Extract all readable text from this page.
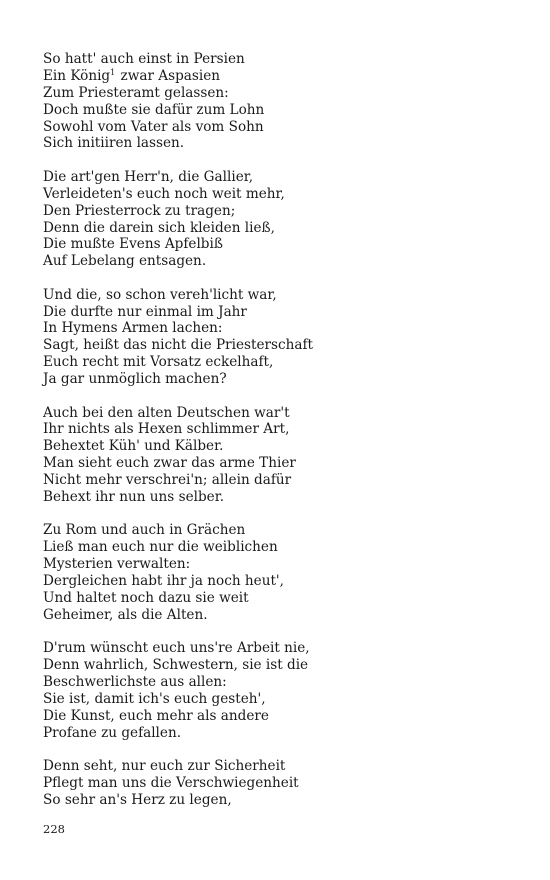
So hatt' auch einst in Persien
Ein König$^1$ zwar Aspasien
Zum Priesteramt gelassen:
Doch mußte sie dafür zum Lohn
Sowohl vom Vater als vom Sohn
Sich initiiren lassen.
Die art'gen Herr'n, die Gallier,
Verleideten's euch noch weit mehr,
Den Priesterrock zu tragen;
Denn die darein sich kleiden ließ,
Die mußte Evens Apfelbiß
Auf Lebelang entsagen.
Und die, so schon vereh'licht war,
Die durfte nur einmal im Jahr
In Hymens Armen lachen:
Sagt, heißt das nicht die Priesterschaft
Euch recht mit Vorsatz eckelhaft,
Ja gar unmöglich machen?
Auch bei den alten Deutschen war't
Ihr nichts als Hexen schlimmer Art,
Behextet Küh' und Kälber.
Man sieht euch zwar das arme Thier
Nicht mehr verschrei'n; allein dafür
Behext ihr nun uns selber.
Zu Rom und auch in Grächen
Ließ man euch nur die weiblichen
Mysterien verwalten:
Dergleichen habt ihr ja noch heut',
Und haltet noch dazu sie weit
Geheimer, als die Alten.
D'rum wünscht euch uns're Arbeit nie,
Denn wahrlich, Schwestern, sie ist die
Beschwerlichste aus allen:
Sie ist, damit ich's euch gesteh',
Die Kunst, euch mehr als andere
Profane zu gefallen.
Denn seht, nur euch zur Sicherheit
Pflegt man uns die Verschwiegenheit
So sehr an's Herz zu legen,
228
